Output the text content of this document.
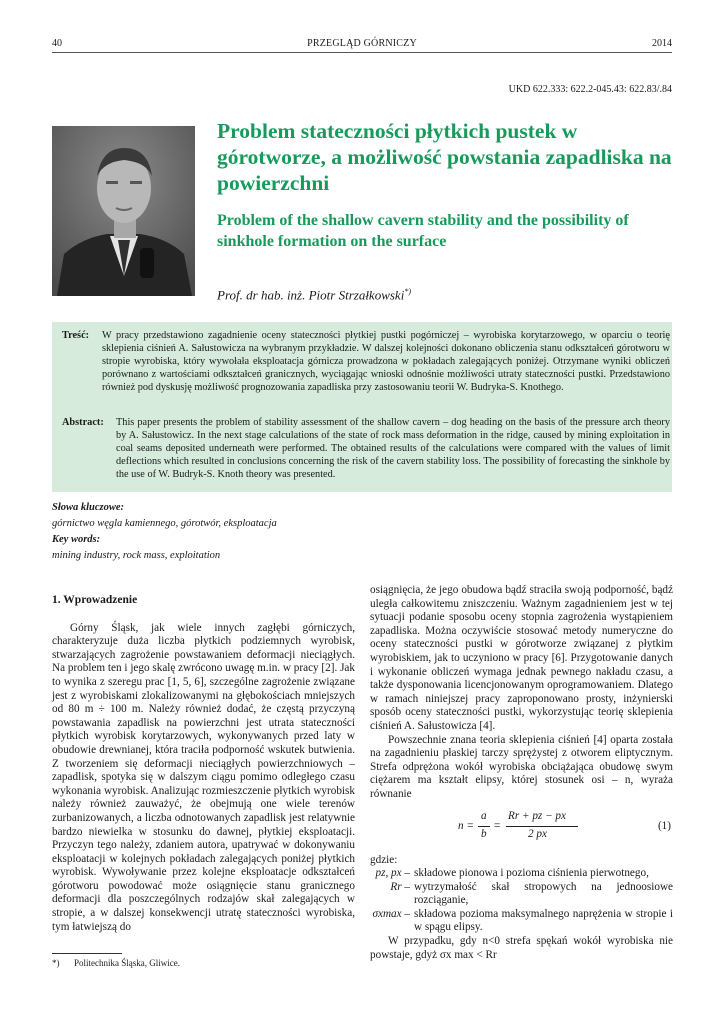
40	PRZEGLĄD GÓRNICZY	2014
UKD 622.333: 622.2-045.43: 622.83/.84
Problem stateczności płytkich pustek w górotworze, a możliwość powstania zapadliska na powierzchni
Problem of the shallow cavern stability and the possibility of sinkhole formation on the surface
Prof. dr hab. inż. Piotr Strzałkowski*)
Treść: W pracy przedstawiono zagadnienie oceny stateczności płytkiej pustki pogórniczej – wyrobiska korytarzowego, w oparciu o teorię sklepienia ciśnień A. Sałustowicza na wybranym przykładzie. W dalszej kolejności dokonano obliczenia stanu odkształceń górotworu w stropie wyrobiska, który wywołała eksploatacja górnicza prowadzona w pokładach zalegających poniżej. Otrzymane wyniki obliczeń porównano z wartościami odkształceń granicznych, wyciągając wnioski odnośnie możliwości utraty stateczności pustki. Przedstawiono również pod dyskusję możliwość prognozowania zapadliska przy zastosowaniu teorii W. Budryka-S. Knothego.
Abstract: This paper presents the problem of stability assessment of the shallow cavern – dog heading on the basis of the pressure arch theory by A. Sałustowicz. In the next stage calculations of the state of rock mass deformation in the ridge, caused by mining exploitation in coal seams deposited underneath were performed. The obtained results of the calculations were compared with the values of limit deflections which resulted in conclusions concerning the risk of the cavern stability loss. The possibility of forecasting the sinkhole by the use of W. Budryk-S. Knoth theory was presented.
Słowa kluczowe:
górnictwo węgla kamiennego, górotwór, eksploatacja
Key words:
mining industry, rock mass, exploitation
1. Wprowadzenie

Górny Śląsk, jak wiele innych zagłębi górniczych, charakteryzuje duża liczba płytkich podziemnych wyrobisk, stwarzających zagrożenie powstawaniem deformacji nieciągłych. Na problem ten i jego skalę zwrócono uwagę m.in. w pracy [2]. Jak to wynika z szeregu prac [1, 5, 6], szczególne zagrożenie związane jest z wyrobiskami zlokalizowanymi na głębokościach mniejszych od 80 m ÷ 100 m. Należy również dodać, że częstą przyczyną powstawania zapadlisk na powierzchni jest utrata stateczności płytkich wyrobisk korytarzowych, wykonywanych przed laty w obudowie drewnianej, która traciła podporność wskutek butwienia. Z tworzeniem się deformacji nieciągłych powierzchniowych – zapadlisk, spotyka się w dalszym ciągu pomimo odległego czasu wykonania wyrobisk. Analizując rozmieszczenie płytkich wyrobisk należy również zauważyć, że obejmują one wiele terenów zurbanizowanych, a liczba odnotowanych zapadlisk jest relatywnie bardzo niewielka w stosunku do dawnej, płytkiej eksploatacji. Przyczyn tego należy, zdaniem autora, upatrywać w dokonywaniu eksploatacji w kolejnych pokładach zalegających poniżej płytkich wyrobisk. Wywoływanie przez kolejne eksploatacje odkształceń górotworu powodować może osiągnięcie stanu granicznego deformacji dla poszczególnych rodzajów skał zalegających w stropie, a w dalszej konsekwencji utratę stateczności wyrobiska, tym łatwiejszą do

osiągnięcia, że jego obudowa bądź straciła swoją podporność, bądź uległa całkowitemu zniszczeniu. Ważnym zagadnieniem jest w tej sytuacji podanie sposobu oceny stopnia zagrożenia wystąpieniem zapadliska. Można oczywiście stosować metody numeryczne do oceny stateczności pustki w górotworze związanej z płytkim wyrobiskiem, jak to uczyniono w pracy [6]. Przygotowanie danych i wykonanie obliczeń wymaga jednak pewnego nakładu czasu, a także dysponowania licencjonowanym oprogramowaniem. Dlatego w ramach niniejszej pracy zaproponowano prosty, inżynierski sposób oceny stateczności pustki, wykorzystując teorię sklepienia ciśnień A. Sałustowicza [4].

Powszechnie znana teoria sklepienia ciśnień [4] oparta została na zagadnieniu płaskiej tarczy sprężystej z otworem eliptycznym. Strefa odprężona wokół wyrobiska obciążająca obudowę swym ciężarem ma kształt elipsy, której stosunek osi – n, wyraża równanie

n =
a
b
=
Rr + pz − px
2 px
(1)
gdzie:
pz, px – składowe pionowa i pozioma ciśnienia pierwotnego,
Rr – wytrzymałość skał stropowych na jednoosiowe rozciąganie,
σxmax – składowa pozioma maksymalnego naprężenia w stropie i w spągu elipsy.

W przypadku, gdy n<0 strefa spękań wokół wyrobiska nie powstaje, gdyż σx max < Rr

*) Politechnika Śląska, Gliwice.
